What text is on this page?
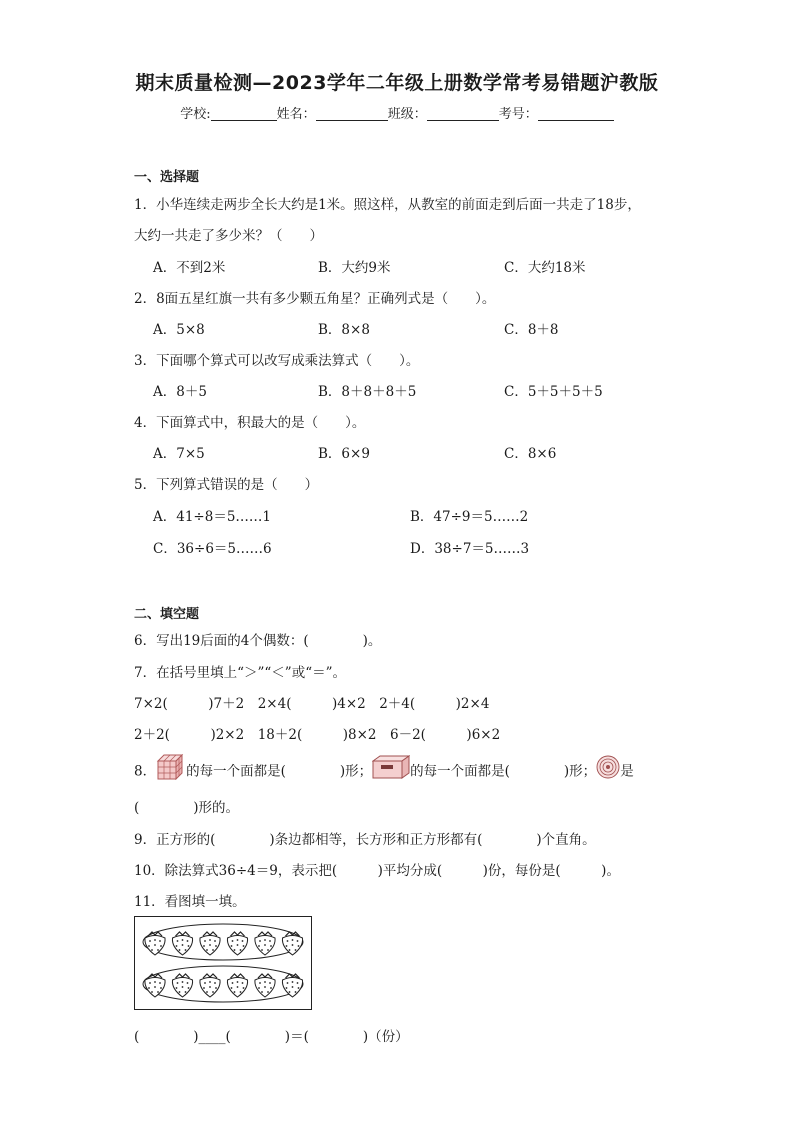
期末质量检测—2023学年二年级上册数学常考易错题沪教版
学校:	姓名：	班级：	考号：
一、选择题
1．小华连续走两步全长大约是1米。照这样，从教室的前面走到后面一共走了18步，
大约一共走了多少米？（　　）
A．不到2米	B．大约9米	C．大约18米
2．8面五星红旗一共有多少颗五角星？正确列式是（　　）。
A．5×8	B．8×8	C．8＋8
3．下面哪个算式可以改写成乘法算式（　　）。
A．8＋5	B．8＋8＋8＋5	C．5＋5＋5＋5
4．下面算式中，积最大的是（　　）。
A．7×5	B．6×9	C．8×6
5．下列算式错误的是（　　）
A．41÷8＝5……1	B．47÷9＝5……2
C．36÷6＝5……6	D．38÷7＝5……3
二、填空题
6．写出19后面的4个偶数：(　　　　)。
7．在括号里填上“＞”“＜”或“＝”。
7×2(　　　)7＋2　2×4(　　　)4×2　2＋4(　　　)2×4
2＋2(　　　)2×2　18＋2(　　　)8×2　6－2(　　　)6×2
8． 的每一个面都是(　　　　)形；	的每一个面都是(　　　　)形； 是
(　　　　)形的。
9．正方形的(　　　　)条边都相等，长方形和正方形都有(　　　　)个直角。
10．除法算式36÷4＝9，表示把(　　　)平均分成(　　　)份，每份是(　　　)。
11．看图填一填。
(　　　　)____(　　　　)＝(　　　　)（份）
